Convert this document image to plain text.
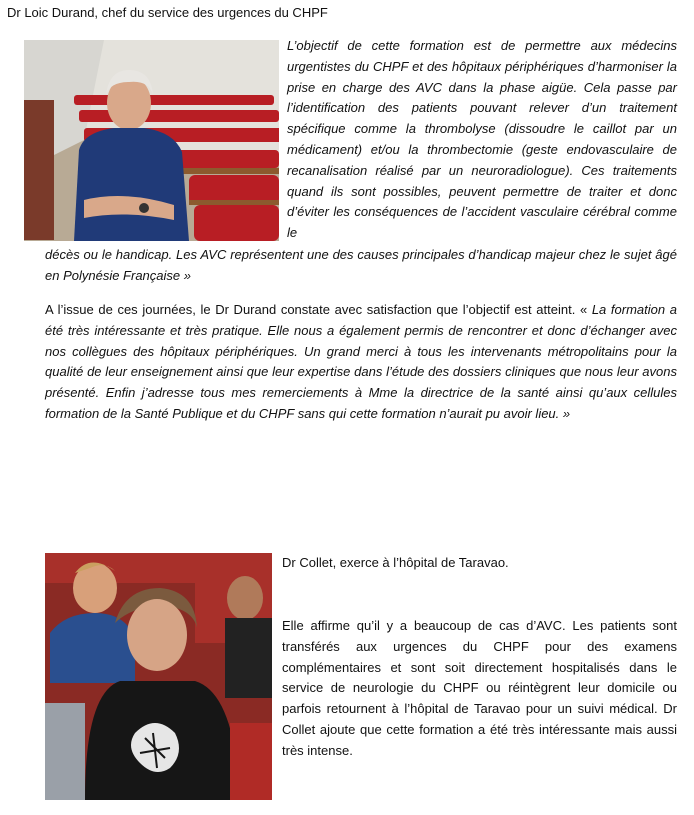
Dr Loic Durand, chef du service des urgences du CHPF
L’objectif de cette formation est de permettre aux médecins urgentistes du CHPF et des hôpitaux périphériques d’harmoniser la prise en charge des AVC dans la phase aigüe. Cela passe par l’identification des patients pouvant relever d’un traitement spécifique comme la thrombolyse (dissoudre le caillot par un médicament) et/ou la thrombectomie (geste endovasculaire de recanalisation réalisé par un neuroradiologue). Ces traitements quand ils sont possibles, peuvent permettre de traiter et donc d’éviter les conséquences de l’accident vasculaire cérébral comme le
décès ou le handicap. Les AVC représentent une des causes principales d’handicap majeur chez le sujet âgé en Polynésie Française »
A l’issue de ces journées, le Dr Durand constate avec satisfaction que l’objectif est atteint. « La formation a été très intéressante et très pratique. Elle nous a également permis de rencontrer et donc d’échanger avec nos collègues des hôpitaux périphériques. Un grand merci à tous les intervenants métropolitains pour la qualité de leur enseignement ainsi que leur expertise dans l’étude des dossiers cliniques que nous leur avons présenté. Enfin j’adresse tous mes remerciements à Mme la directrice de la santé ainsi qu’aux cellules formation de la Santé Publique et du CHPF sans qui cette formation n’aurait pu avoir lieu. »
Dr Collet, exerce à l’hôpital de Taravao.
Elle affirme qu’il y a beaucoup de cas d’AVC. Les patients sont transférés aux urgences du CHPF pour des examens complémentaires et sont soit directement hospitalisés dans le service de neurologie du CHPF ou réintègrent leur domicile ou parfois retournent à l’hôpital de Taravao pour un suivi médical. Dr Collet ajoute que cette formation a été très intéressante mais aussi très intense.
